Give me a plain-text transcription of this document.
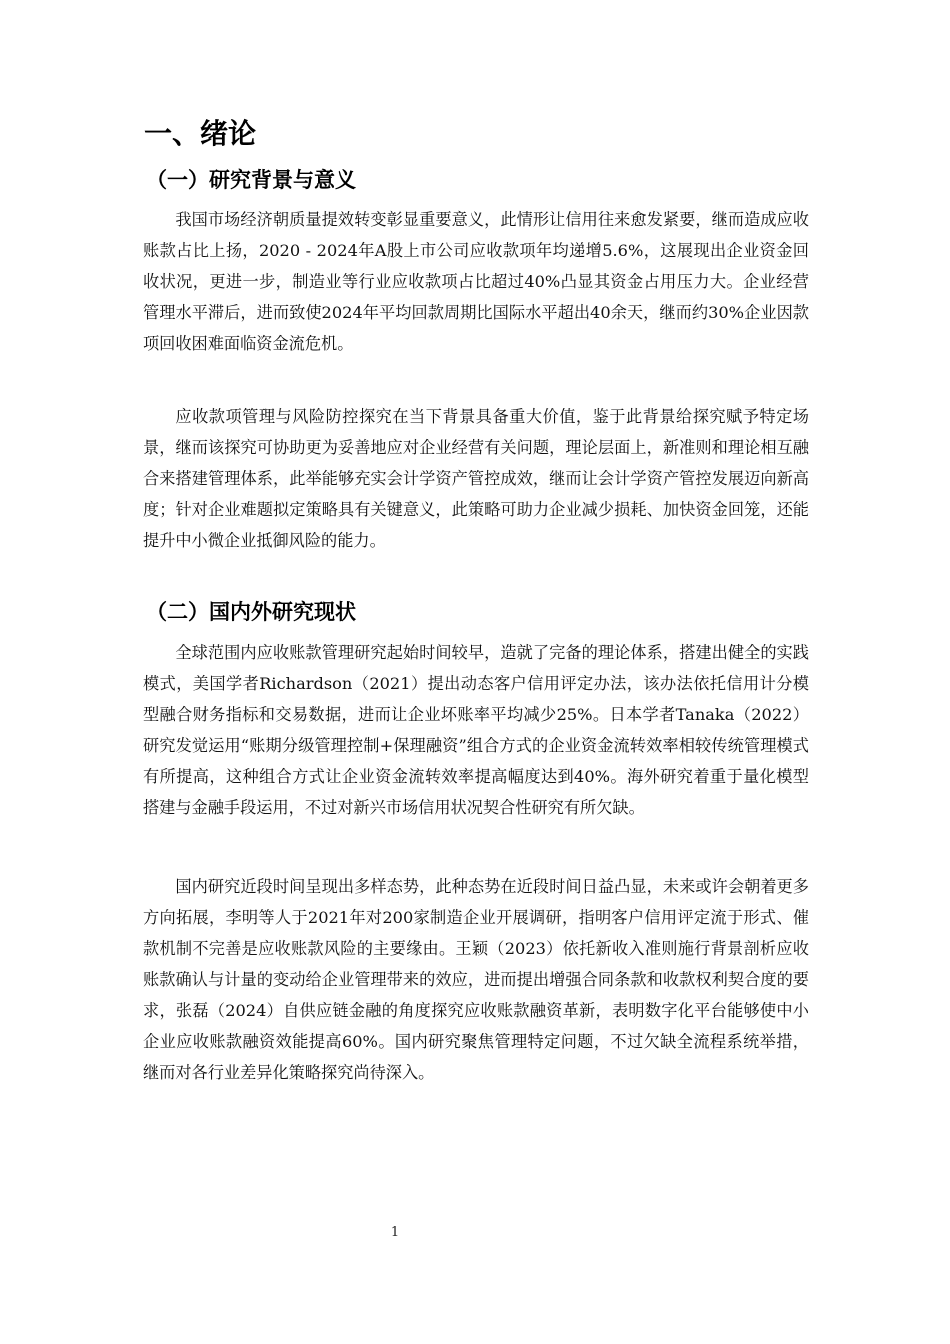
一、绪论
（一）研究背景与意义

我国市场经济朝质量提效转变彰显重要意义，此情形让信用往来愈发紧要，继而造成应收账款占比上扬，2020 - 2024年A股上市公司应收款项年均递增5.6%，这展现出企业资金回收状况，更进一步，制造业等行业应收款项占比超过40%凸显其资金占用压力大。企业经营管理水平滞后，进而致使2024年平均回款周期比国际水平超出40余天，继而约30%企业因款项回收困难面临资金流危机。

应收款项管理与风险防控探究在当下背景具备重大价值，鉴于此背景给探究赋予特定场景，继而该探究可协助更为妥善地应对企业经营有关问题，理论层面上，新准则和理论相互融合来搭建管理体系，此举能够充实会计学资产管控成效，继而让会计学资产管控发展迈向新高度；针对企业难题拟定策略具有关键意义，此策略可助力企业减少损耗、加快资金回笼，还能提升中小微企业抵御风险的能力。

（二）国内外研究现状

全球范围内应收账款管理研究起始时间较早，造就了完备的理论体系，搭建出健全的实践模式，美国学者Richardson（2021）提出动态客户信用评定办法，该办法依托信用计分模型融合财务指标和交易数据，进而让企业坏账率平均减少25%。日本学者Tanaka（2022）研究发觉运用“账期分级管理控制+保理融资”组合方式的企业资金流转效率相较传统管理模式有所提高，这种组合方式让企业资金流转效率提高幅度达到40%。海外研究着重于量化模型搭建与金融手段运用，不过对新兴市场信用状况契合性研究有所欠缺。

国内研究近段时间呈现出多样态势，此种态势在近段时间日益凸显，未来或许会朝着更多方向拓展，李明等人于2021年对200家制造企业开展调研，指明客户信用评定流于形式、催款机制不完善是应收账款风险的主要缘由。王颖（2023）依托新收入准则施行背景剖析应收账款确认与计量的变动给企业管理带来的效应，进而提出增强合同条款和收款权利契合度的要求，张磊（2024）自供应链金融的角度探究应收账款融资革新，表明数字化平台能够使中小企业应收账款融资效能提高60%。国内研究聚焦管理特定问题，不过欠缺全流程系统举措，继而对各行业差异化策略探究尚待深入。

1
